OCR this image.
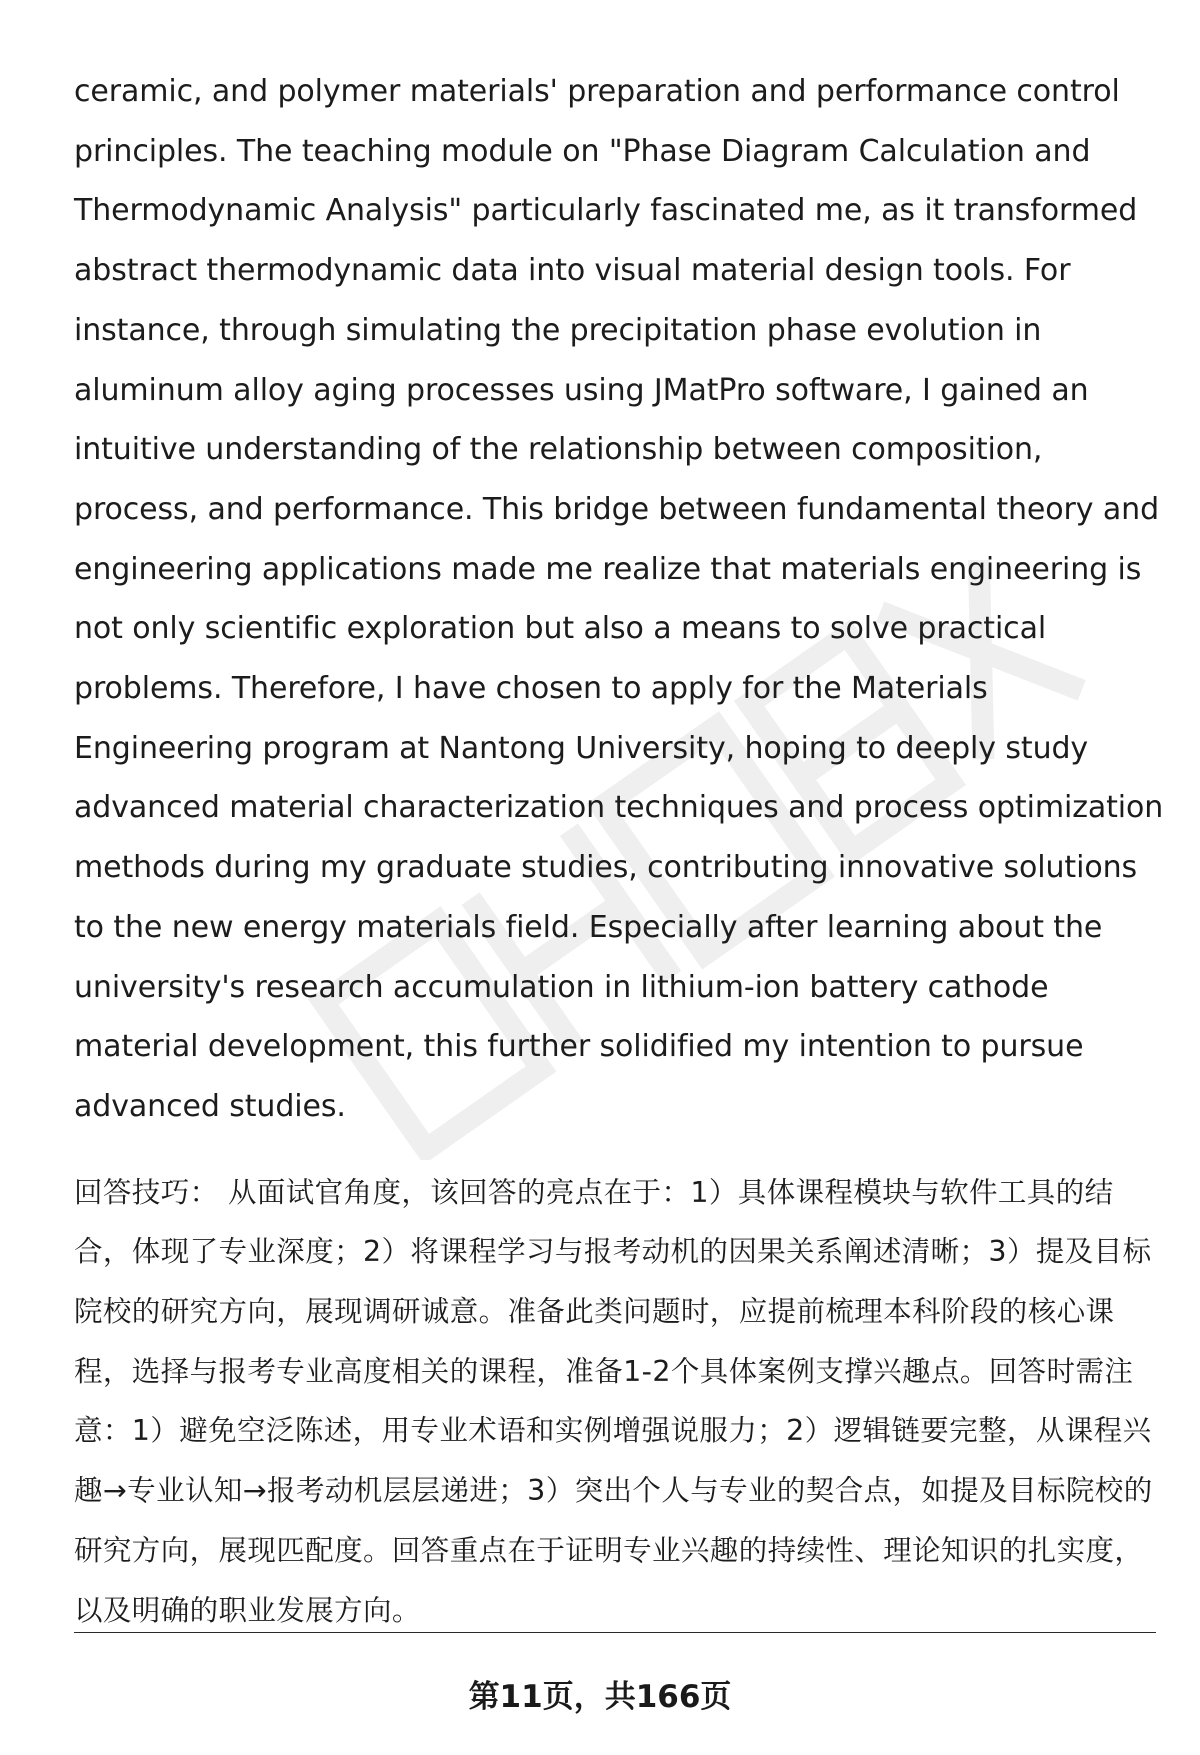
ceramic, and polymer materials' preparation and performance control principles. The teaching module on "Phase Diagram Calculation and Thermodynamic Analysis" particularly fascinated me, as it transformed abstract thermodynamic data into visual material design tools. For instance, through simulating the precipitation phase evolution in aluminum alloy aging processes using JMatPro software, I gained an intuitive understanding of the relationship between composition, process, and performance. This bridge between fundamental theory and engineering applications made me realize that materials engineering is not only scientific exploration but also a means to solve practical problems. Therefore, I have chosen to apply for the Materials Engineering program at Nantong University, hoping to deeply study advanced material characterization techniques and process optimization methods during my graduate studies, contributing innovative solutions to the new energy materials field. Especially after learning about the university's research accumulation in lithium-ion battery cathode material development, this further solidified my intention to pursue advanced studies.

回答技巧： 从面试官角度，该回答的亮点在于：1）具体课程模块与软件工具的结合，体现了专业深度；2）将课程学习与报考动机的因果关系阐述清晰；3）提及目标院校的研究方向，展现调研诚意。准备此类问题时，应提前梳理本科阶段的核心课程，选择与报考专业高度相关的课程，准备1-2个具体案例支撑兴趣点。回答时需注意：1）避免空泛陈述，用专业术语和实例增强说服力；2）逻辑链要完整，从课程兴趣→专业认知→报考动机层层递进；3）突出个人与专业的契合点，如提及目标院校的研究方向，展现匹配度。回答重点在于证明专业兴趣的持续性、理论知识的扎实度，以及明确的职业发展方向。

第11页，共166页
